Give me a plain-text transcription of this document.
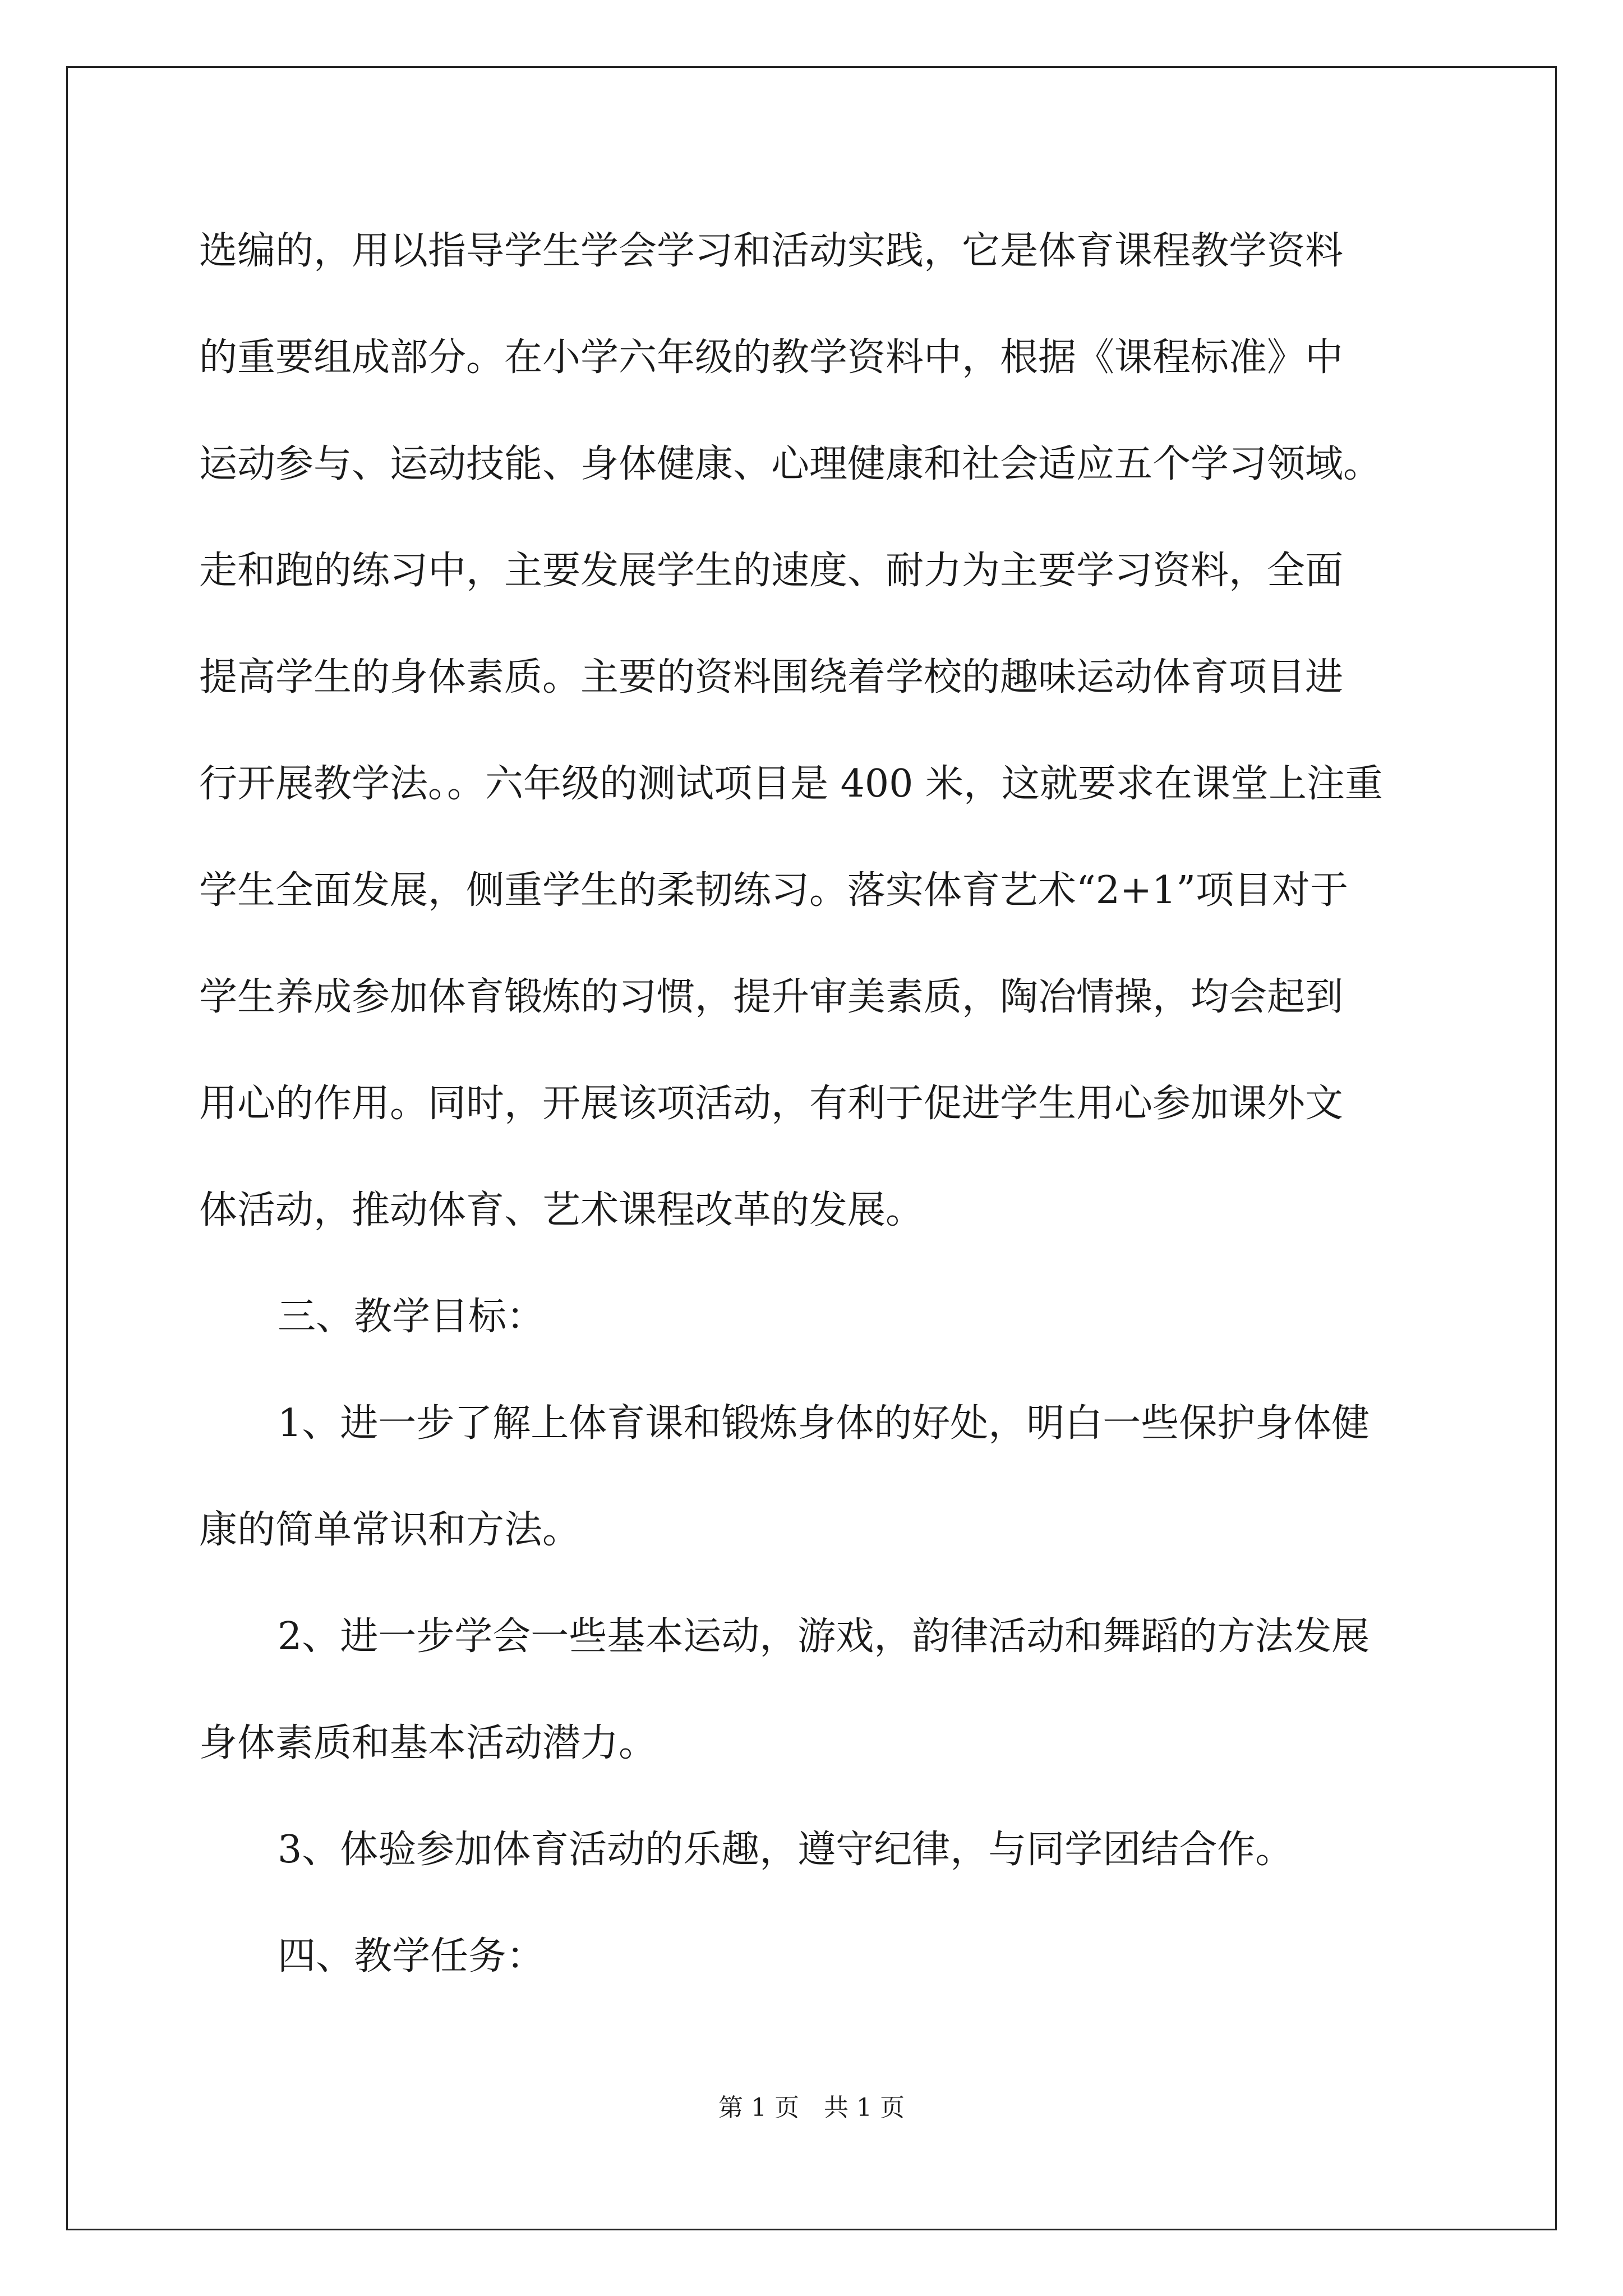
选编的，用以指导学生学会学习和活动实践，它是体育课程教学资料

的重要组成部分。在小学六年级的教学资料中，根据《课程标准》中

运动参与、运动技能、身体健康、心理健康和社会适应五个学习领域。

走和跑的练习中，主要发展学生的速度、耐力为主要学习资料，全面

提高学生的身体素质。主要的资料围绕着学校的趣味运动体育项目进

行开展教学法。。六年级的测试项目是 400 米，这就要求在课堂上注重

学生全面发展，侧重学生的柔韧练习。落实体育艺术“2+1”项目对于

学生养成参加体育锻炼的习惯，提升审美素质，陶冶情操，均会起到

用心的作用。同时，开展该项活动，有利于促进学生用心参加课外文

体活动，推动体育、艺术课程改革的发展。

三、教学目标：

1、进一步了解上体育课和锻炼身体的好处，明白一些保护身体健

康的简单常识和方法。

2、进一步学会一些基本运动，游戏，韵律活动和舞蹈的方法发展

身体素质和基本活动潜力。

3、体验参加体育活动的乐趣，遵守纪律，与同学团结合作。

四、教学任务：

第 1 页　共 1 页
